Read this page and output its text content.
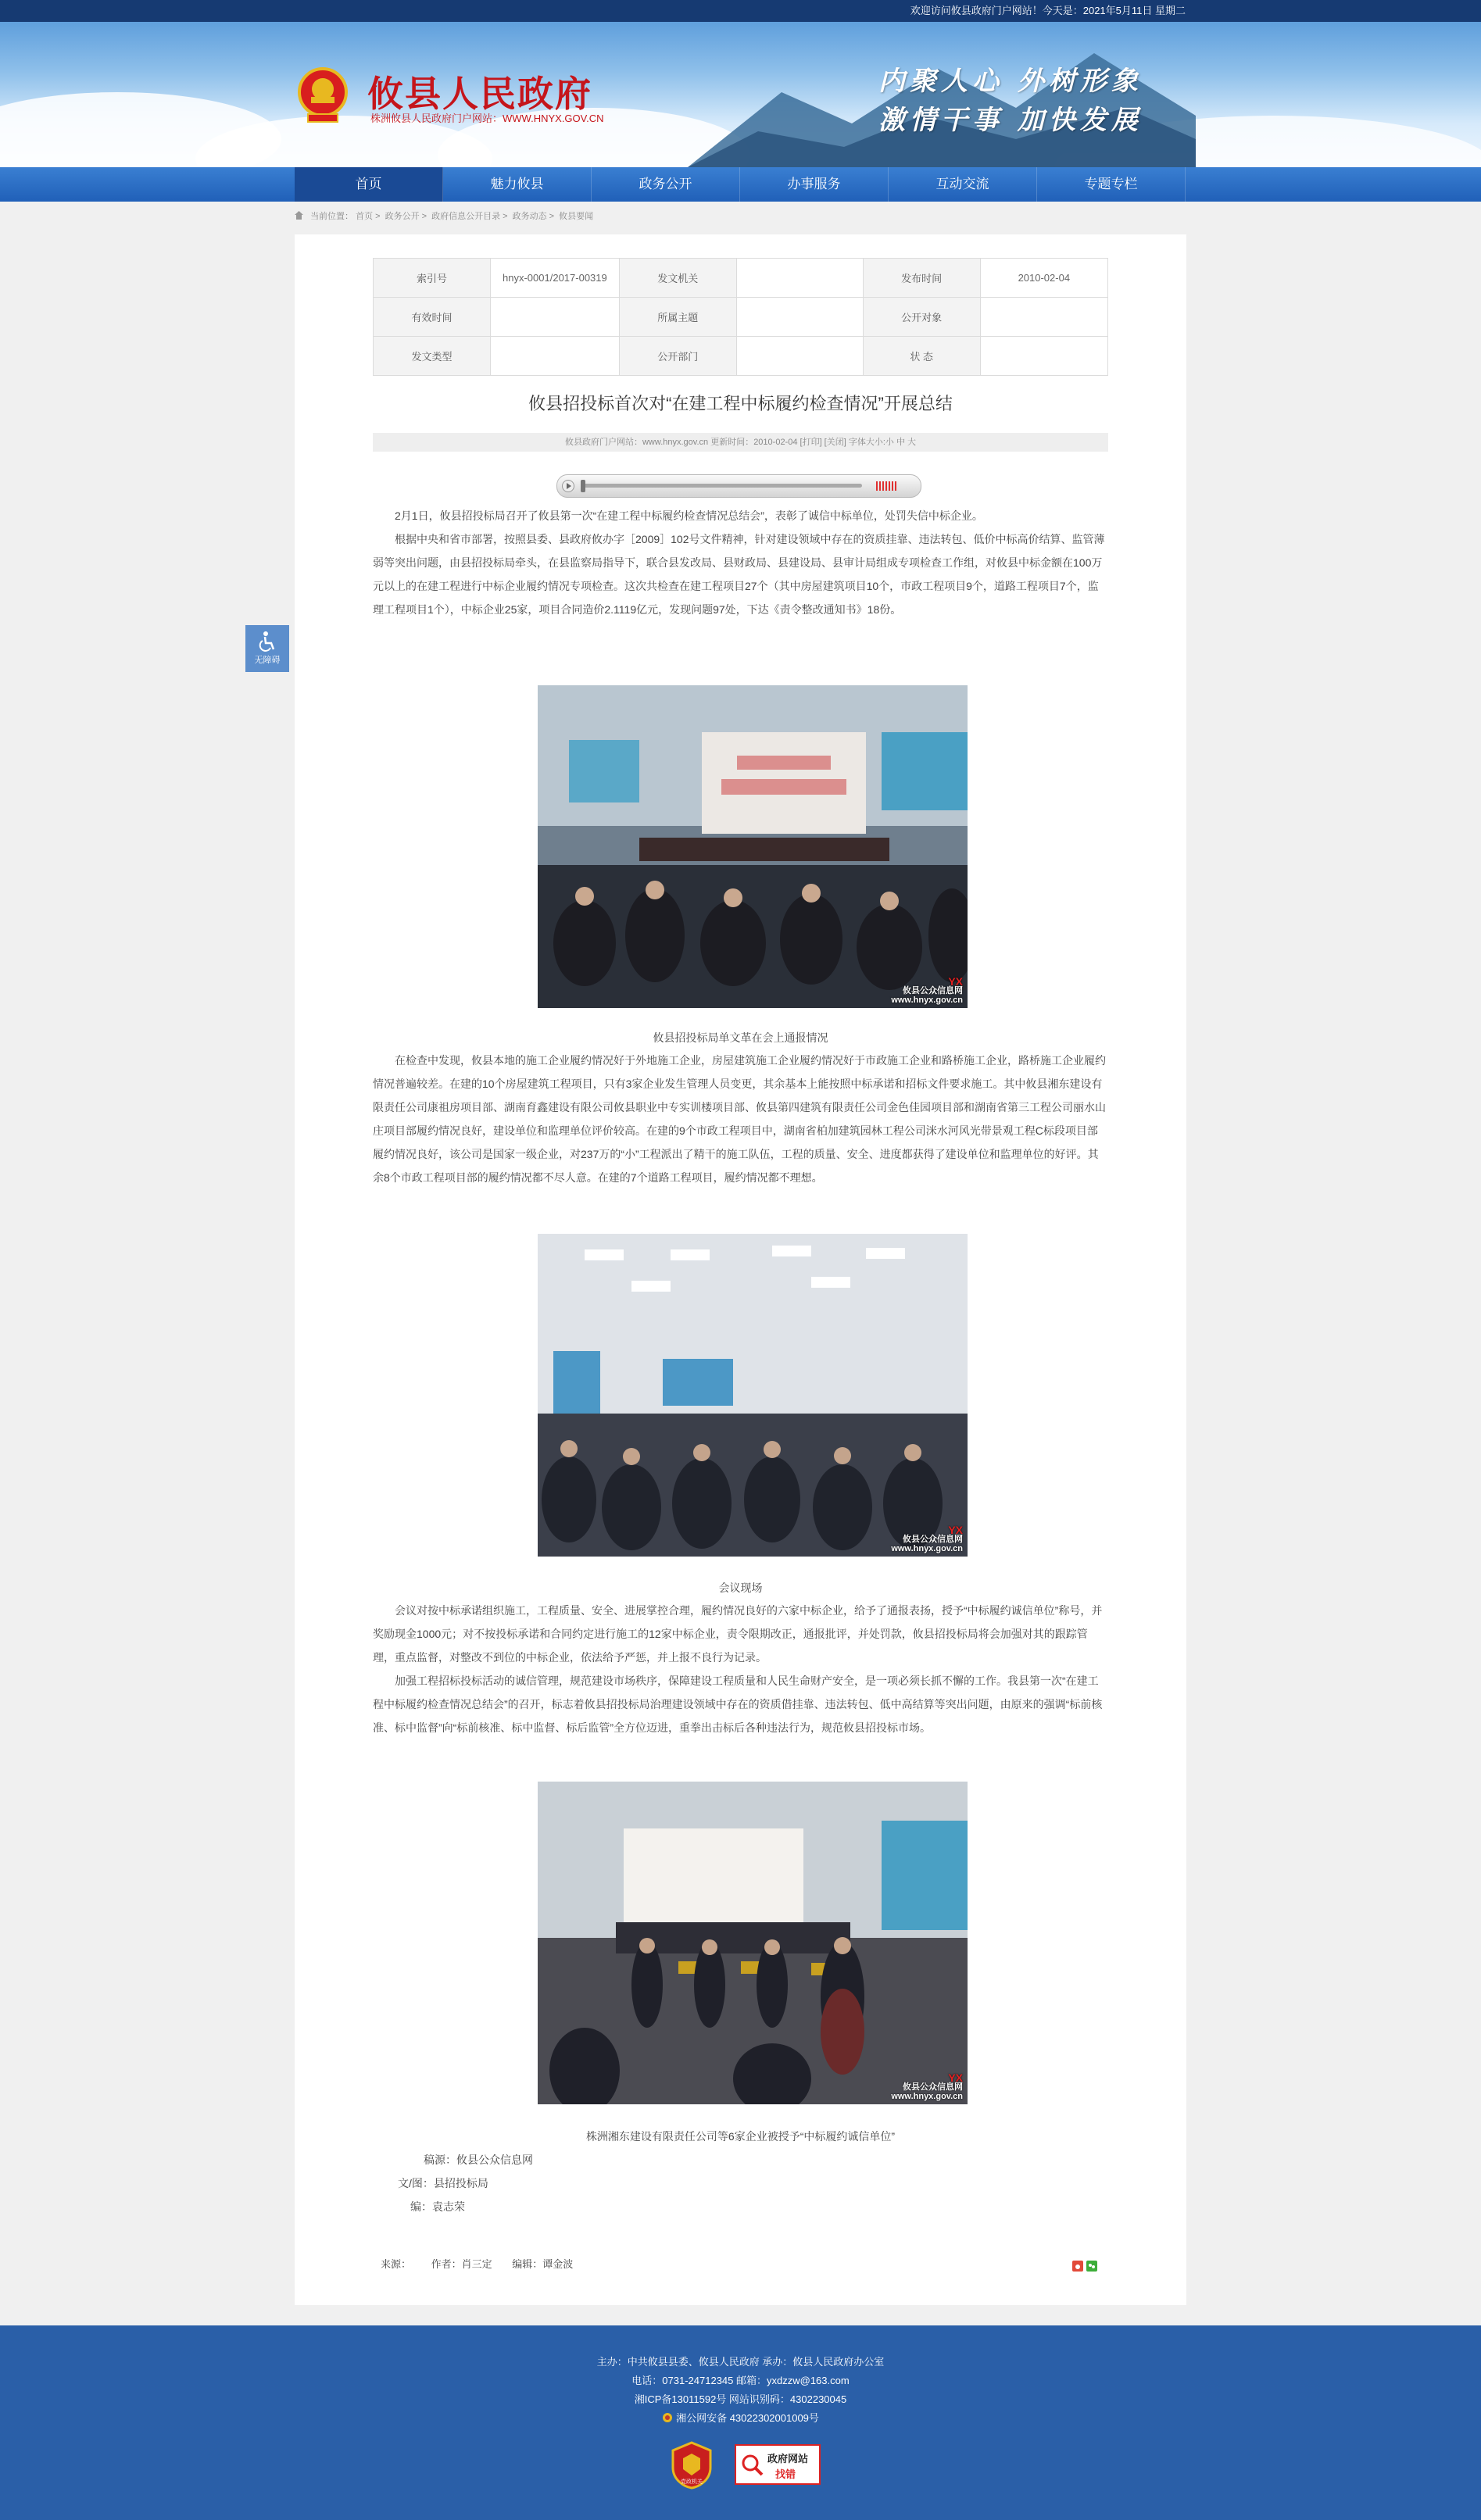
欢迎访问攸县政府门户网站！今天是：2021年5月11日 星期二
攸县人民政府
株洲攸县人民政府门户网站：WWW.HNYX.GOV.CN
内聚人心 外树形象
激情干事 加快发展
首页	魅力攸县	政务公开	办事服务	互动交流	专题专栏
当前位置： 首页 > 政务公开 > 政府信息公开目录 > 政务动态 > 攸县要闻
无障碍
索引号	hnyx-0001/2017-00319	发文机关		发布时间	2010-02-04
有效时间		所属主题		公开对象	
发文类型		公开部门		状 态	
攸县招投标首次对“在建工程中标履约检查情况”开展总结
攸县政府门户网站：www.hnyx.gov.cn 更新时间：2010-02-04 [打印] [关闭] 字体大小:小 中 大

2月1日，攸县招投标局召开了攸县第一次“在建工程中标履约检查情况总结会”，表彰了诚信中标单位，处罚失信中标企业。

根据中央和省市部署，按照县委、县政府攸办字［2009］102号文件精神，针对建设领域中存在的资质挂靠、违法转包、低价中标高价结算、监管薄弱等突出问题，由县招投标局牵头，在县监察局指导下，联合县发改局、县财政局、县建设局、县审计局组成专项检查工作组，对攸县中标金额在100万元以上的在建工程进行中标企业履约情况专项检查。这次共检查在建工程项目27个（其中房屋建筑项目10个，市政工程项目9个，道路工程项目7个，监理工程项目1个），中标企业25家，项目合同造价2.1119亿元，发现问题97处，下达《责令整改通知书》18份。

YX
攸县公众信息网
www.hnyx.gov.cn
攸县招投标局单文革在会上通报情况

在检查中发现，攸县本地的施工企业履约情况好于外地施工企业，房屋建筑施工企业履约情况好于市政施工企业和路桥施工企业，路桥施工企业履约情况普遍较差。在建的10个房屋建筑工程项目，只有3家企业发生管理人员变更，其余基本上能按照中标承诺和招标文件要求施工。其中攸县湘东建设有限责任公司康祖房项目部、湖南育鑫建设有限公司攸县职业中专实训楼项目部、攸县第四建筑有限责任公司金色佳园项目部和湖南省第三工程公司丽水山庄项目部履约情况良好，建设单位和监理单位评价较高。在建的9个市政工程项目中，湖南省柏加建筑园林工程公司洣水河风光带景观工程C标段项目部履约情况良好，该公司是国家一级企业，对237万的“小”工程派出了精干的施工队伍，工程的质量、安全、进度都获得了建设单位和监理单位的好评。其余8个市政工程项目部的履约情况都不尽人意。在建的7个道路工程项目，履约情况都不理想。

YX
攸县公众信息网
www.hnyx.gov.cn
会议现场

会议对按中标承诺组织施工，工程质量、安全、进展掌控合理，履约情况良好的六家中标企业，给予了通报表扬，授予“中标履约诚信单位”称号，并奖励现金1000元；对不按投标承诺和合同约定进行施工的12家中标企业，责令限期改正，通报批评，并处罚款，攸县招投标局将会加强对其的跟踪管理，重点监督，对整改不到位的中标企业，依法给予严惩，并上报不良行为记录。

加强工程招标投标活动的诚信管理，规范建设市场秩序，保障建设工程质量和人民生命财产安全，是一项必须长抓不懈的工作。我县第一次“在建工程中标履约检查情况总结会”的召开，标志着攸县招投标局治理建设领域中存在的资质借挂靠、违法转包、低中高结算等突出问题，由原来的强调“标前核准、标中监督”向“标前核准、标中监督、标后监管”全方位迈进，重拳出击标后各种违法行为，规范攸县招投标市场。

YX
攸县公众信息网
www.hnyx.gov.cn
株洲湘东建设有限责任公司等6家企业被授予“中标履约诚信单位”
稿源：攸县公众信息网
文/图：县招投标局
编：袁志荣
来源： 作者：肖三定 编辑：谭金波
主办：中共攸县县委、攸县人民政府 承办：攸县人民政府办公室
电话：0731-24712345 邮箱：yxdzzw@163.com
湘ICP备13011592号 网站识别码：4302230045
湘公网安备 43022302001009号
党政机关
政府网站
找错
